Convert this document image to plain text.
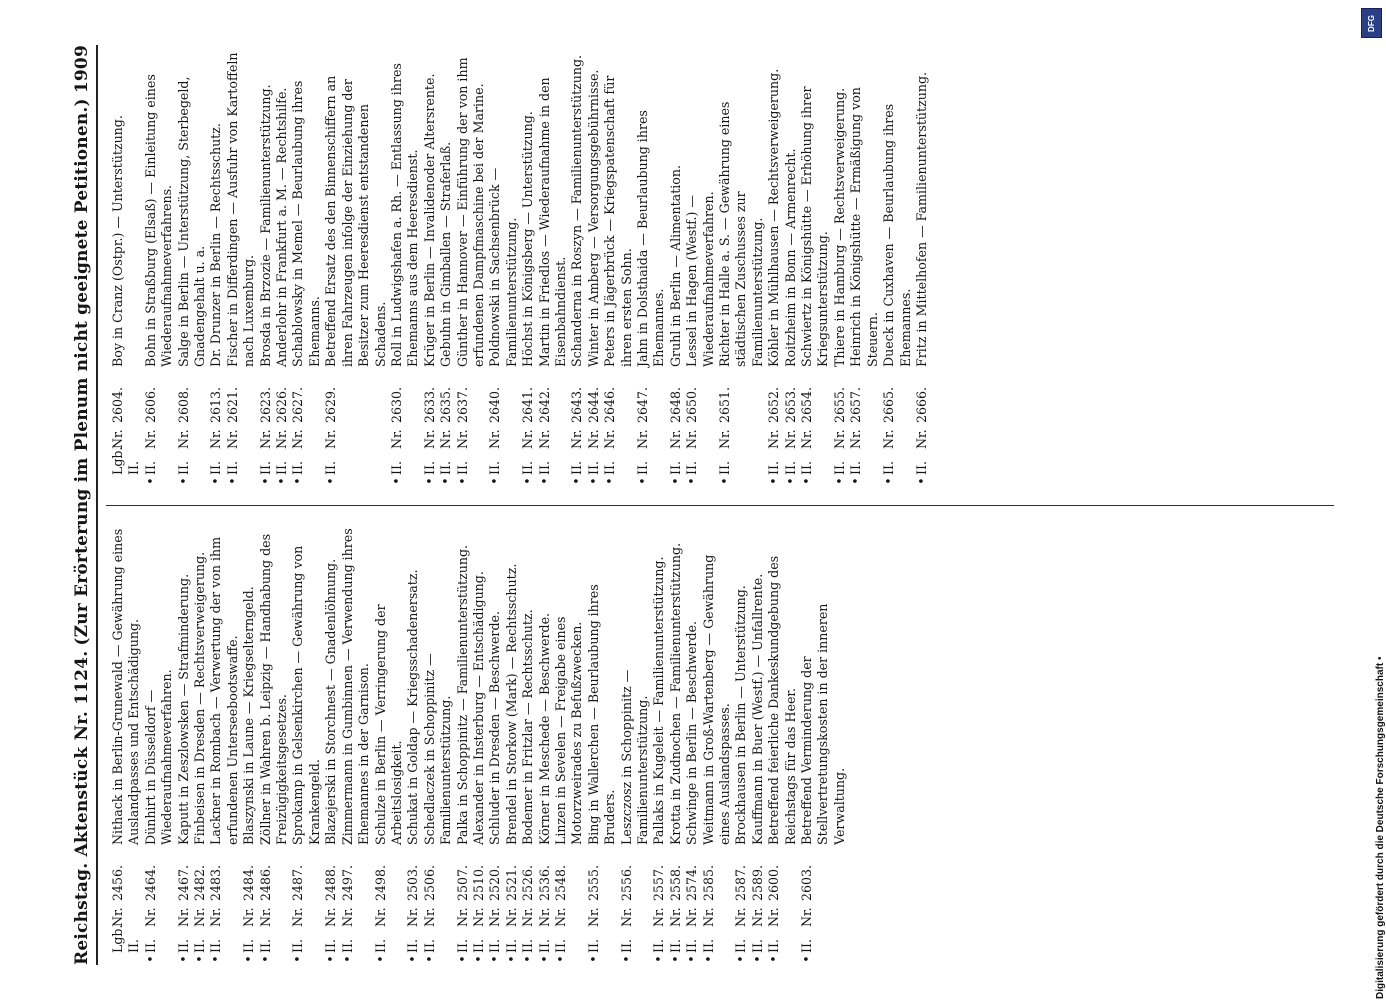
Reichstag. Aktenstück Nr. 1124.
(Zur Erörterung im Plenum nicht geeignete Petitionen.)
1909
Lgb. II.
Nr.
2456.
Nithack in Berlin-Grunewald — Gewährung eines Auslandpasses und Entschädigung.
•
II.
Nr.
2464.
Dünhirt in Düsseldorf — Wiederaufnahmeverfahren.
•
II.
Nr.
2467.
Kaputt in Zeszlowsken — Strafminderung.
•
II.
Nr.
2482.
Finbeisen in Dresden — Rechtsverweigerung.
•
II.
Nr.
2483.
Lackner in Rombach — Verwertung der von ihm erfundenen Unterseebootswaffe.
•
II.
Nr.
2484.
Blaszynski in Laune — Kriegselterngeld.
•
II.
Nr.
2486.
Zöllner in Wahren b. Leipzig — Handhabung des Freizügigkeitsgesetzes.
•
II.
Nr.
2487.
Sprokamp in Gelsenkirchen — Gewährung von Krankengeld.
•
II.
Nr.
2488.
Blazejerski in Storchnest — Gnadenlöhnung.
•
II.
Nr.
2497.
Zimmermann in Gumbinnen — Verwendung ihres Ehemannes in der Garnison.
•
II.
Nr.
2498.
Schulze in Berlin — Verringerung der Arbeitslosigkeit.
•
II.
Nr.
2503.
Schukat in Goldap — Kriegsschadenersatz.
•
II.
Nr.
2506.
Schedlaczek in Schoppinitz — Familienunterstützung.
•
II.
Nr.
2507.
Palka in Schoppinitz — Familienunterstützung.
•
II.
Nr.
2510.
Alexander in Insterburg — Entschädigung.
•
II.
Nr.
2520.
Schluder in Dresden — Beschwerde.
•
II.
Nr.
2521.
Brendel in Storkow (Mark) — Rechtsschutz.
•
II.
Nr.
2526.
Bodemer in Fritzlar — Rechtsschutz.
•
II.
Nr.
2536.
Körner in Meschede — Beschwerde.
•
II.
Nr.
2548.
Linzen in Sevelen — Freigabe eines Motorzweirades zu Befußzwecken.
•
II.
Nr.
2555.
Bing in Wallerchen — Beurlaubung ihres Bruders.
•
II.
Nr.
2556.
Leszczosz in Schoppinitz — Familienunterstützung.
•
II.
Nr.
2557.
Pallaks in Kugeleit — Familienunterstützung.
•
II.
Nr.
2558.
Krotta in Zudnochen — Familienunterstützung.
•
II.
Nr.
2574.
Schwinge in Berlin — Beschwerde.
•
II.
Nr.
2585.
Weitmann in Groß-Wartenberg — Gewährung eines Auslandspasses.
•
II.
Nr.
2587.
Brockhausen in Berlin — Unterstützung.
•
II.
Nr.
2589.
Kauffmann in Buer (Westf.) — Unfallrente.
•
II.
Nr.
2600.
Betreffend feierliche Dankeskundgebung des Reichstags für das Heer.
•
II.
Nr.
2603.
Betreffend Verminderung der Stellvertretungskosten in der inneren Verwaltung.
Lgb. II.
Nr.
2604.
Boy in Cranz (Ostpr.) — Unterstützung.
•
II.
Nr.
2606.
Bohn in Straßburg (Elsaß) — Einleitung eines Wiederaufnahmeverfahrens.
•
II.
Nr.
2608.
Salge in Berlin — Unterstützung, Sterbegeld, Gnadengehalt u. a.
•
II.
Nr.
2613.
Dr. Drunzer in Berlin — Rechtsschutz.
•
II.
Nr.
2621.
Fischer in Differdingen — Ausfuhr von Kartoffeln nach Luxemburg.
•
II.
Nr.
2623.
Brosda in Brzozie — Familienunterstützung.
•
II.
Nr.
2626.
Anderlohr in Frankfurt a. M. — Rechtshilfe.
•
II.
Nr.
2627.
Schablowsky in Memel — Beurlaubung ihres Ehemanns.
•
II.
Nr.
2629.
Betreffend Ersatz des den Binnenschiffern an ihren Fahrzeugen infolge der Einziehung der Besitzer zum Heeresdienst entstandenen Schadens.
•
II.
Nr.
2630.
Roll in Ludwigshafen a. Rh. — Entlassung ihres Ehemanns aus dem Heeresdienst.
•
II.
Nr.
2633.
Krüger in Berlin — Invalidenoder Altersrente.
•
II.
Nr.
2635.
Gebuhn in Gimballen — Straferlaß.
•
II.
Nr.
2637.
Günther in Hannover — Einführung der von ihm erfundenen Dampfmaschine bei der Marine.
•
II.
Nr.
2640.
Poldnowski in Sachsenbrück — Familienunterstützung.
•
II.
Nr.
2641.
Höchst in Königsberg — Unterstützung.
•
II.
Nr.
2642.
Martin in Friedlos — Wiederaufnahme in den Eisenbahndienst.
•
II.
Nr.
2643.
Schanderna in Roszyn — Familienunterstützung.
•
II.
Nr.
2644.
Winter in Amberg — Versorgungsgebührnisse.
•
II.
Nr.
2646.
Peters in Jägerbrück — Kriegspatenschaft für ihren ersten Sohn.
•
II.
Nr.
2647.
Jahn in Dolsthaida — Beurlaubung ihres Ehemannes.
•
II.
Nr.
2648.
Gruhl in Berlin — Alimentation.
•
II.
Nr.
2650.
Lessel in Hagen (Westf.) — Wiederaufnahmeverfahren.
•
II.
Nr.
2651.
Richter in Halle a. S. — Gewährung eines städtischen Zuschusses zur Familienunterstützung.
•
II.
Nr.
2652.
Köhler in Mühlhausen — Rechtsverweigerung.
•
II.
Nr.
2653.
Roitzheim in Bonn — Armenrecht.
•
II.
Nr.
2654.
Schwiertz in Königshütte — Erhöhung ihrer Kriegsunterstützung.
•
II.
Nr.
2655.
Thiere in Hamburg — Rechtsverweigerung.
•
II.
Nr.
2657.
Heinrich in Königshütte — Ermäßigung von Steuern.
•
II.
Nr.
2665.
Dueck in Cuxhaven — Beurlaubung ihres Ehemannes.
•
II.
Nr.
2666.
Fritz in Mittelhofen — Familienunterstützung.
Digitalisierung gefördert durch die Deutsche Forschungsgemeinschaft •
DFG
